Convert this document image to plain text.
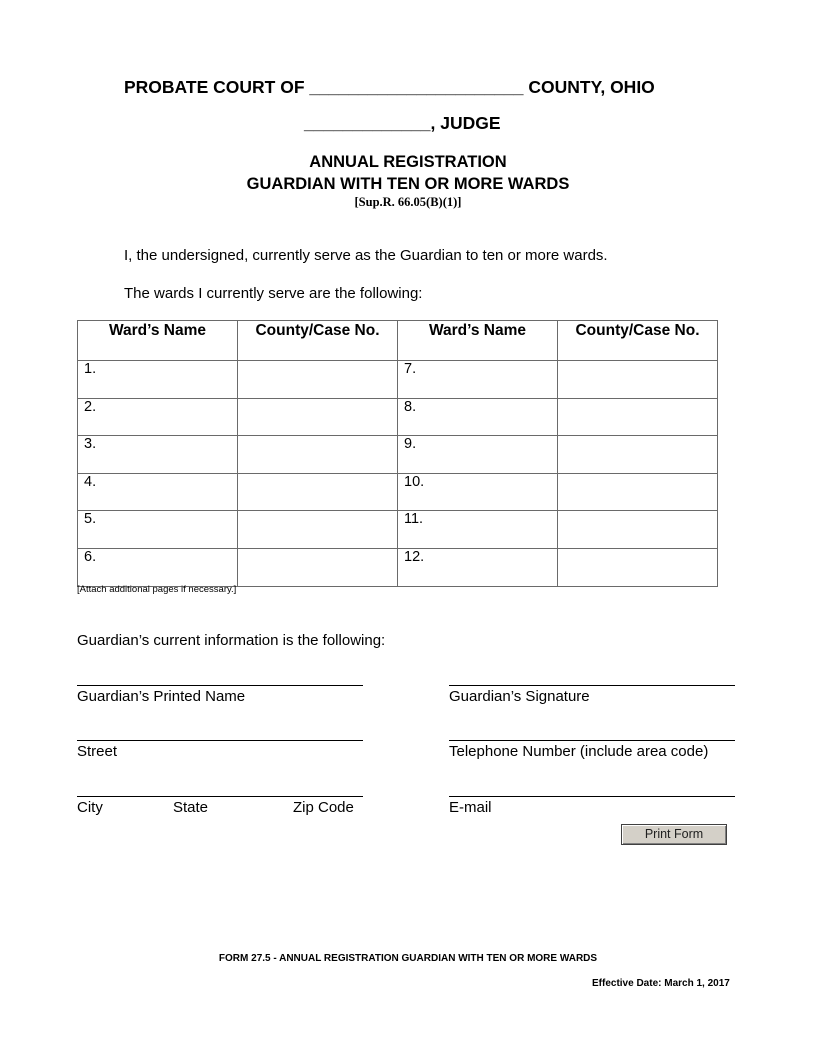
PROBATE COURT OF ______________________ COUNTY, OHIO
_____________, JUDGE
ANNUAL REGISTRATION
GUARDIAN WITH TEN OR MORE WARDS
[Sup.R. 66.05(B)(1)]
I, the undersigned, currently serve as the Guardian to ten or more wards.
The wards I currently serve are the following:
Ward’s Name	County/Case No.	Ward’s Name	County/Case No.
1.		7.	
2.		8.	
3.		9.	
4.		10.	
5.		11.	
6.		12.	
[Attach additional pages if necessary.]
Guardian’s current information is the following:
Guardian’s Printed Name	Guardian’s Signature
Street	Telephone Number (include area code)
City	State	Zip Code	E-mail
Print Form
FORM 27.5 - ANNUAL REGISTRATION GUARDIAN WITH TEN OR MORE WARDS
Effective Date: March 1, 2017
